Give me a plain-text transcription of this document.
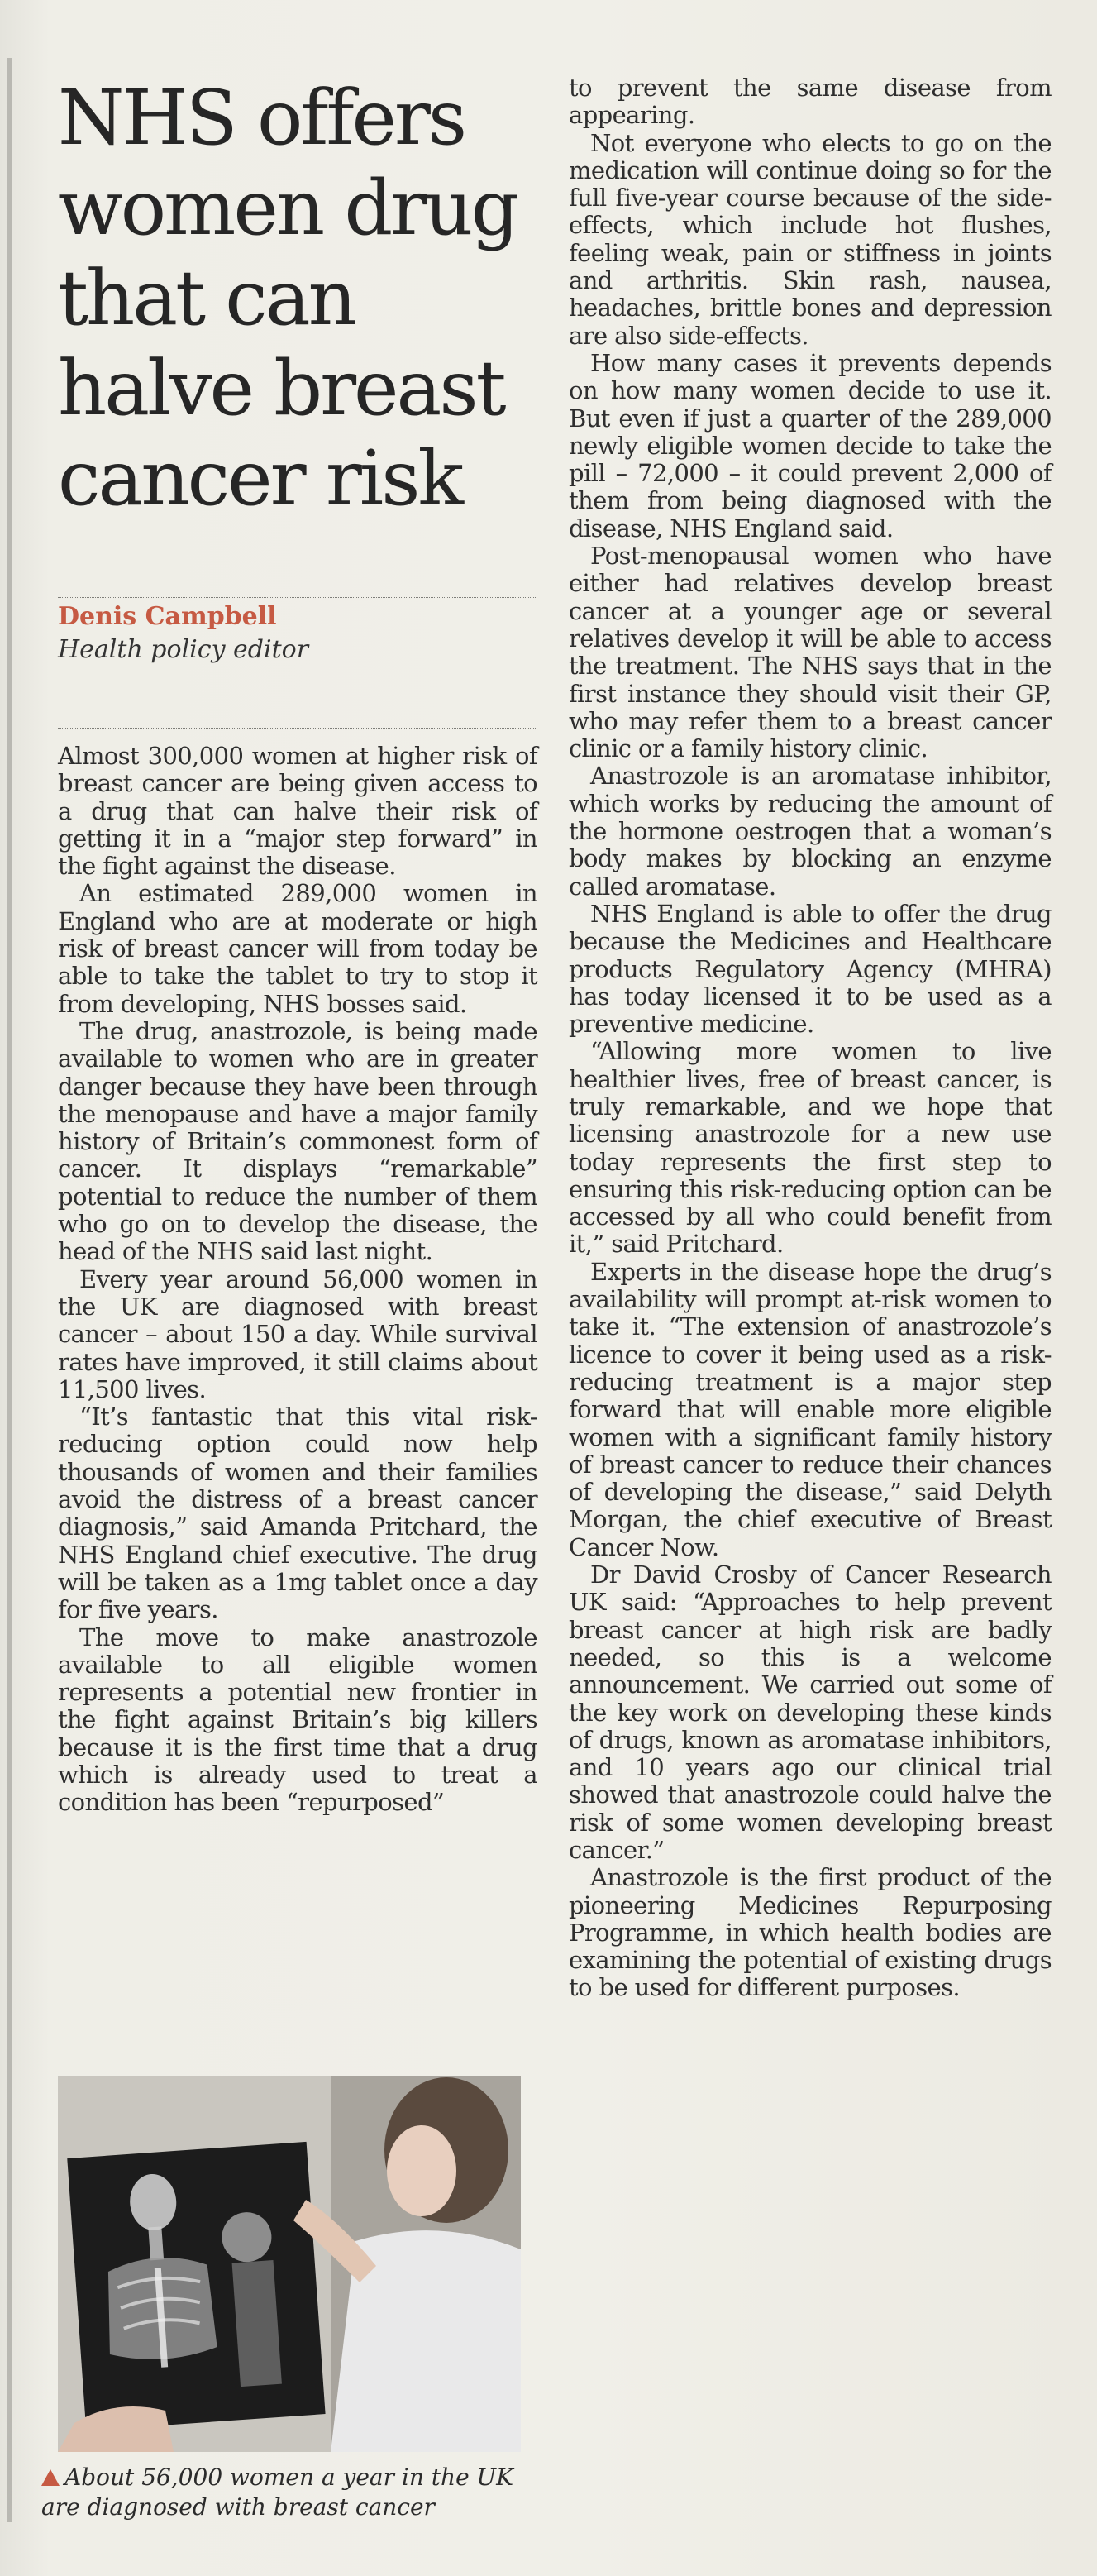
NHS offers women drug that can halve breast cancer risk
Denis Campbell
Health policy editor

Almost 300,000 women at higher risk of breast cancer are being given access to a drug that can halve their risk of getting it in a “major step forward” in the fight against the disease.

An estimated 289,000 women in England who are at moderate or high risk of breast cancer will from today be able to take the tablet to try to stop it from developing, NHS bosses said.

The drug, anastrozole, is being made available to women who are in greater danger because they have been through the menopause and have a major family history of Britain’s commonest form of cancer. It displays “remarkable” potential to reduce the number of them who go on to develop the disease, the head of the NHS said last night.

Every year around 56,000 women in the UK are diagnosed with breast cancer – about 150 a day. While survival rates have improved, it still claims about 11,500 lives.

“It’s fantastic that this vital risk-reducing option could now help thousands of women and their families avoid the distress of a breast cancer diagnosis,” said Amanda Pritchard, the NHS England chief executive. The drug will be taken as a 1mg tablet once a day for five years.

The move to make anastrozole available to all eligible women represents a potential new frontier in the fight against Britain’s big killers because it is the first time that a drug which is already used to treat a condition has been “repurposed”

to prevent the same disease from appearing.

Not everyone who elects to go on the medication will continue doing so for the full five-year course because of the side-effects, which include hot flushes, feeling weak, pain or stiffness in joints and arthritis. Skin rash, nausea, headaches, brittle bones and depression are also side-effects.

How many cases it prevents depends on how many women decide to use it. But even if just a quarter of the 289,000 newly eligible women decide to take the pill – 72,000 – it could prevent 2,000 of them from being diagnosed with the disease, NHS England said.

Post-menopausal women who have either had relatives develop breast cancer at a younger age or several relatives develop it will be able to access the treatment. The NHS says that in the first instance they should visit their GP, who may refer them to a breast cancer clinic or a family history clinic.

Anastrozole is an aromatase inhibitor, which works by reducing the amount of the hormone oestrogen that a woman’s body makes by blocking an enzyme called aromatase.

NHS England is able to offer the drug because the Medicines and Healthcare products Regulatory Agency (MHRA) has today licensed it to be used as a preventive medicine.

“Allowing more women to live healthier lives, free of breast cancer, is truly remarkable, and we hope that licensing anastrozole for a new use today represents the first step to ensuring this risk-reducing option can be accessed by all who could benefit from it,” said Pritchard.

Experts in the disease hope the drug’s availability will prompt at-risk women to take it. “The extension of anastrozole’s licence to cover it being used as a risk-reducing treatment is a major step forward that will enable more eligible women with a significant family history of breast cancer to reduce their chances of developing the disease,” said Delyth Morgan, the chief executive of Breast Cancer Now.

Dr David Crosby of Cancer Research UK said: “Approaches to help prevent breast cancer at high risk are badly needed, so this is a welcome announcement. We carried out some of the key work on developing these kinds of drugs, known as aromatase inhibitors, and 10 years ago our clinical trial showed that anastrozole could halve the risk of some women developing breast cancer.”

Anastrozole is the first product of the pioneering Medicines Repurposing Programme, in which health bodies are examining the potential of existing drugs to be used for different purposes.

About 56,000 women a year in the UK are diagnosed with breast cancer
